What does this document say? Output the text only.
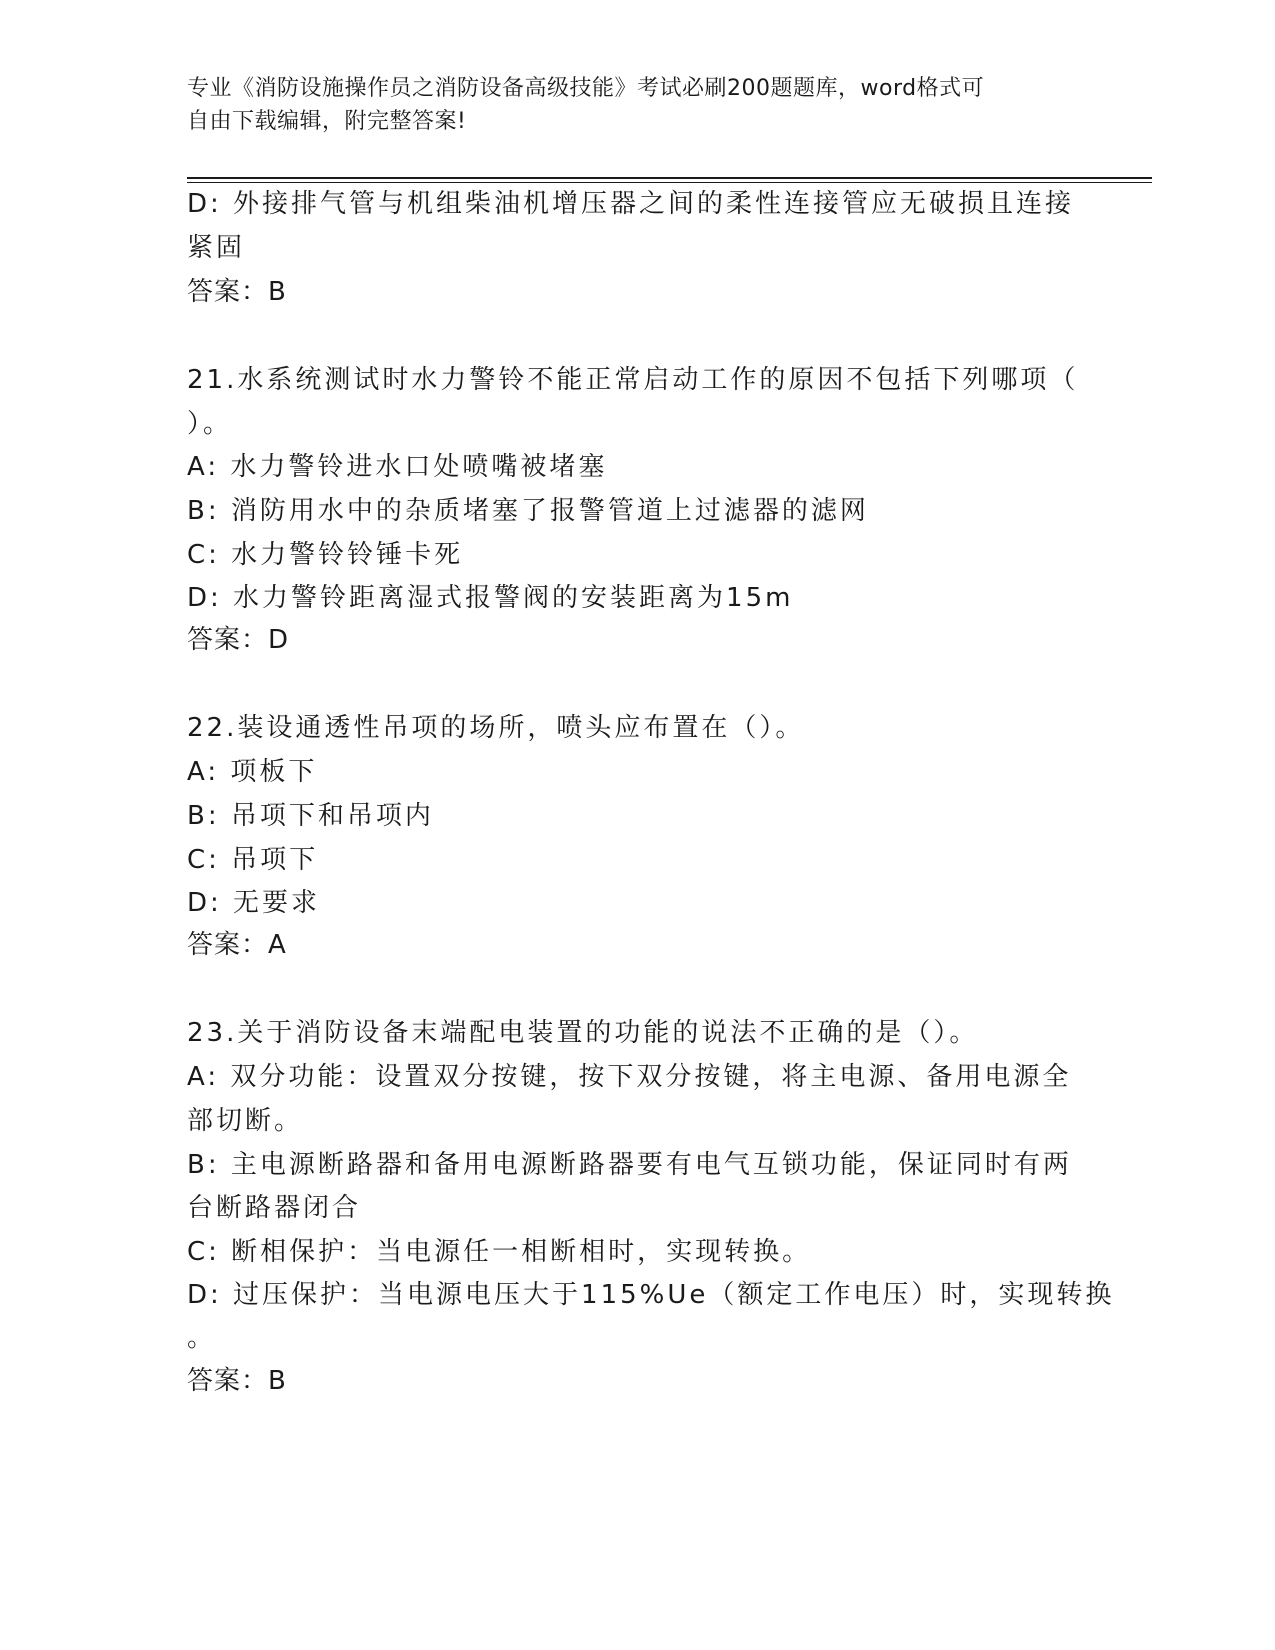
专业《消防设施操作员之消防设备高级技能》考试必刷200题题库，word格式可
自由下载编辑，附完整答案!
D: 外接排气管与机组柴油机增压器之间的柔性连接管应无破损且连接
紧固
答案：B
21.水系统测试时水力警铃不能正常启动工作的原因不包括下列哪项（
）。
A: 水力警铃进水口处喷嘴被堵塞
B: 消防用水中的杂质堵塞了报警管道上过滤器的滤网
C: 水力警铃铃锤卡死
D: 水力警铃距离湿式报警阀的安装距离为15m
答案：D
22.装设通透性吊项的场所，喷头应布置在（）。
A: 项板下
B: 吊项下和吊项内
C: 吊项下
D: 无要求
答案：A
23.关于消防设备末端配电装置的功能的说法不正确的是（）。
A: 双分功能：设置双分按键，按下双分按键，将主电源、备用电源全
部切断。
B: 主电源断路器和备用电源断路器要有电气互锁功能，保证同时有两
台断路器闭合
C: 断相保护：当电源任一相断相时，实现转换。
D: 过压保护：当电源电压大于115%Ue（额定工作电压）时，实现转换
。
答案：B
